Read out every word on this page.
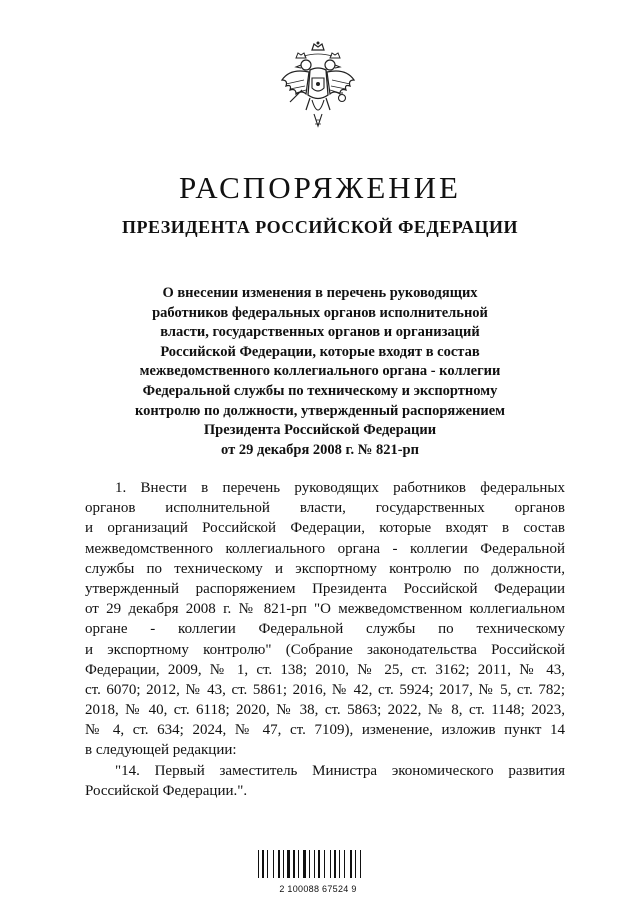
РАСПОРЯЖЕНИЕ
ПРЕЗИДЕНТА РОССИЙСКОЙ ФЕДЕРАЦИИ
О внесении изменения в перечень руководящих
работников федеральных органов исполнительной
власти, государственных органов и организаций
Российской Федерации, которые входят в состав
межведомственного коллегиального органа - коллегии
Федеральной службы по техническому и экспортному
контролю по должности, утвержденный распоряжением
Президента Российской Федерации
от 29 декабря 2008 г. № 821-рп
1. Внести в перечень руководящих работников федеральных
органов исполнительной власти, государственных органов
и организаций Российской Федерации, которые входят в состав
межведомственного коллегиального органа - коллегии Федеральной
службы по техническому и экспортному контролю по должности,
утвержденный распоряжением Президента Российской Федерации
от 29 декабря 2008 г. № 821-рп "О межведомственном коллегиальном
органе - коллегии Федеральной службы по техническому
и экспортному контролю" (Собрание законодательства Российской
Федерации, 2009, № 1, ст. 138; 2010, № 25, ст. 3162; 2011, № 43,
ст. 6070; 2012, № 43, ст. 5861; 2016, № 42, ст. 5924; 2017, № 5, ст. 782;
2018, № 40, ст. 6118; 2020, № 38, ст. 5863; 2022, № 8, ст. 1148; 2023,
№ 4, ст. 634; 2024, № 47, ст. 7109), изменение, изложив пункт 14
в следующей редакции:
"14. Первый заместитель Министра экономического развития
Российской Федерации.".
2 100088 67524 9
